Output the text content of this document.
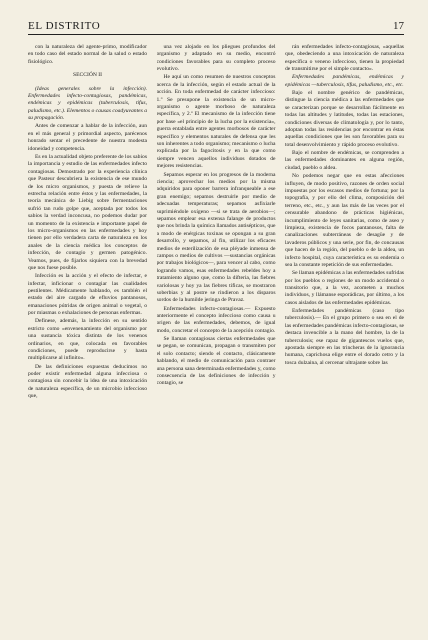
EL DISTRITO	17

con la naturaleza del agente-primo, modificador en todo caso del estado normal de la salud o estado fisiológico.

SECCIÓN II

(Ideas generales sobre la infección). Enfermedades infecto-contagiosas, pandémicas, endémicas y epidémicas (tuberculosis, tifus, paludismo, etc.). Elementos o causas coadyuvantes a su propagación.

Antes de comenzar a hablar de la infección, aun en el más general y primordial aspecto, parécenos honrado sentar el precedente de nuestra modesta idoneidad y competencia.

Es en la actualidad objeto preferente de los sabios la importancia y estudio de las enfermedades infecto contagiosas. Demostrado por la experiencia clínica que Pasteur descubriera la existencia de ese mundo de los micro organismos, y puesta de relieve la estrecha relación entre éstos y las enfermedades, la teoría mecánica de Liebig sobre fermentaciones sufrió tan rudo golpe que, aceptada por todos los sabios la verdad inconcusa, no podemos dudar por un momento de la existencia e importante papel de los micro-organismos en las enfermedades y hoy tienen por ello verdadera carta de naturaleza en los anales de la ciencia médica los conceptos de infección, de contagio y germen patogénico. Veamos, pues, de fijarlos siquiera con la brevedad que nos fuese posible.

Infección es la acción y el efecto de infectar, e infectar, inficionar o contagiar las cualidades pestilentes. Médicamente hablando, es también el estado del aire cargado de efluvios pantanosos, emanaciones pútridas de origen animal o vegetal, o por miasmas o exhalaciones de personas enfermas.

Definese, además, la infección en su sentido estricto como «envenenamiento del organismo por una sustancia tóxica distinta de los venenos ordinarios, en que, colocada en favorables condiciones, puede reproducirse y hasta multiplicarse al infinito».

De las definiciones expuestas deducimos no poder existir enfermedad alguna infecciosa o contagiosa sin concebir la idea de una intoxicación de naturaleza específica, de un microbio infeccioso que,

una vez alojado en los pliegues profundos del organismo y adaptado en su medio, encontró condiciones favorables para su completo proceso evolutivo.

He aquí un como resumen de nuestros conceptos acerca de la infección, según el estado actual de la acción. En toda enfermedad de carácter infeccioso: 1.º Se presupone la existencia de un micro-organismo o agente morboso de naturaleza específica, y 2.º El mecanismo de la infección tiene por base «el principio de la lucha por la existencia», guerra entablada entre agentes morbosos de carácter específico y elementos naturales de defensa que les son inherentes a todo organismo; mecanismo o lucha explicada por la fagocitosis y en la que como siempre vencen aquellos individuos dotados de mejores resistencias.

Sepamos esperar en los progresos de la moderna ciencia; aprovechar los medios por la misma adquiridos para oponer barrera infranqueable a ese gran enemigo; sepamos destruirle por medio de adecuadas temperaturas; sepamos asfixiarle suprimiéndole oxígeno —si se trata de aerobios—; sepamos emplear esa extensa falange de productos que nos brinda la química llamados antisépticos, que a modo de enérgicas toxinas se opongan a su gran desarrollo, y sepamos, al fin, utilizar los eficaces medios de esterilización de esa pléyade inmensa de campos o medios de cultivos —sustancias orgánicas por trabajos biológicos—, para vencer al cabo, como logrando vamos, esas enfermedades rebeldes hoy a tratamiento alguno que, como la difteria, las fiebres variolosas y hoy ya las fiebres tíficas, se mostraron soberbias y al postre se rindieron a los disparos sordos de la humilde jeringa de Pravaz.

Enfermedades infecto-contagiosas.— Expuesto anteriormente el concepto infeccioso como causa u origen de las enfermedades, debemos, de igual modo, concretar el concepto de la acepción contagio.

Se llaman contagiosas ciertas enfermedades que se pegan, se comunican, propagan o transmiten por el solo contacto; siendo el contacto, clásicamente hablando, el medio de comunicación para contraer una persona sana determinada enfermedades y, como consecuencia de las definiciones de infección y contagio, se

rán enfermedades infecto-contagiosas, «aquellas que, obedeciendo a una intoxicación de naturaleza específica o veneno infeccioso, tienen la propiedad de transmitirse por el simple contacto».

Enfermedades pandémicas, endémicas y epidémicas —tuberculosis, tifus, paludismo, etc., etc.

Bajo el nombre genérico de pandémicas, distingue la ciencia médica a las enfermedades que se caracterizan porque se desarrollan fácilmente en todas las altitudes y latitudes, todas las estaciones, condiciones diversas de climatología y, por lo tanto, adoptan todas las residencias por encontrar en éstas aquellas condiciones que les son favorables para su total desenvolvimiento y rápido proceso evolutivo.

Bajo el nombre de endémicas, se comprenden a las enfermedades dominantes en alguna región, ciudad, pueblo o aldea.

No podemos negar que en estas afecciones influyen, de modo positivo, razones de orden social impuestas por los escasos medios de fortuna; por la topografía, y por ello del clima, composición del terreno, etc., etc., y aun las más de las veces por el censurable abandono de prácticas higiénicas, incumplimiento de leyes sanitarias, como de aseo y limpieza, existencia de focos pantanosos, falta de canalizaciones subterráneas de desagüe y de lavaderos públicos y una serie, por fin, de concausas que hacen de la región, del pueblo o de la aldea, un infecto hospital, cuya característica es su endemia o sea la constante repetición de sus enfermedades.

Se llaman epidémicas a las enfermedades sufridas por los pueblos o regiones de un modo accidental o transitorio que, a la vez, acometen a muchos individuos, y llámanse esporádicas, por último, a los casos aislados de las enfermedades epidémicas.

Enfermedades pandémicas (caso tipo tuberculosis).— En el grupo primero o sea en el de las enfermedades pandémicas infecto-contagiosas, se destaca invencible a la mano del hombre, la de la tuberculosis; ese rapaz de gigantescos vuelos que, apostada siempre en las trincheras de la ignorancia humana, caprichosa elige entre el dorado cetro y la tosca dulzaina, al cercenar ultrajante sobre las
